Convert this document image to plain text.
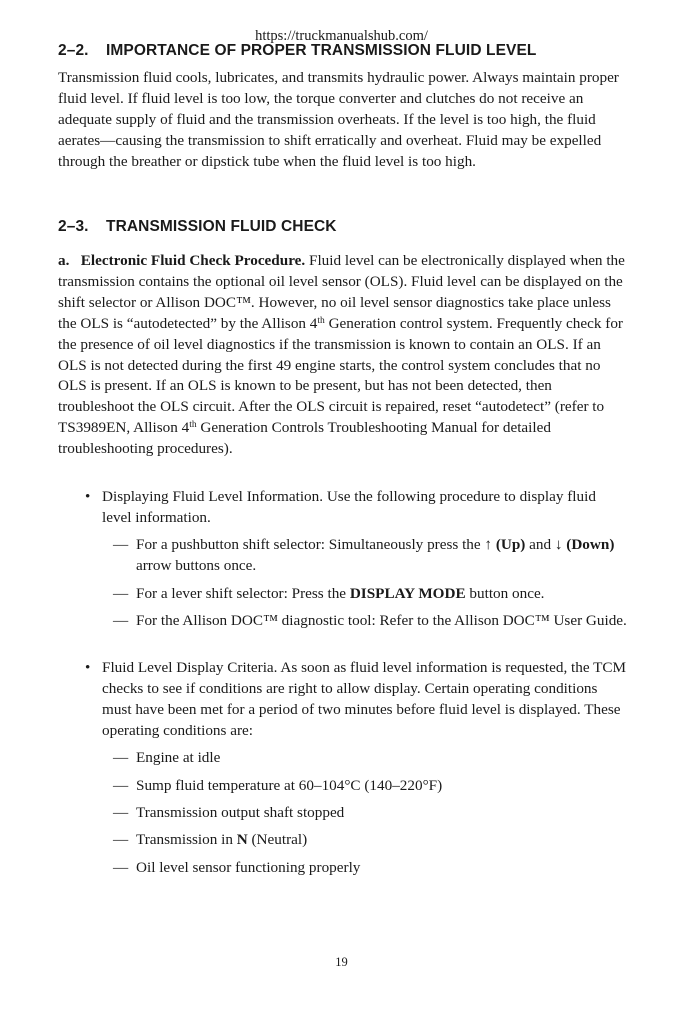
https://truckmanualshub.com/
2–2. IMPORTANCE OF PROPER TRANSMISSION FLUID LEVEL

Transmission fluid cools, lubricates, and transmits hydraulic power. Always maintain proper fluid level. If fluid level is too low, the torque converter and clutches do not receive an adequate supply of fluid and the transmission overheats. If the level is too high, the fluid aerates—causing the transmission to shift erratically and overheat. Fluid may be expelled through the breather or dipstick tube when the fluid level is too high.

2–3. TRANSMISSION FLUID CHECK

a. Electronic Fluid Check Procedure. Fluid level can be electronically displayed when the transmission contains the optional oil level sensor (OLS). Fluid level can be displayed on the shift selector or Allison DOC™. However, no oil level sensor diagnostics take place unless the OLS is “autodetected” by the Allison 4th Generation control system. Frequently check for the presence of oil level diagnostics if the transmission is known to contain an OLS. If an OLS is not detected during the first 49 engine starts, the control system concludes that no OLS is present. If an OLS is known to be present, but has not been detected, then troubleshoot the OLS circuit. After the OLS circuit is repaired, reset “autodetect” (refer to TS3989EN, Allison 4th Generation Controls Troubleshooting Manual for detailed troubleshooting procedures).

• Displaying Fluid Level Information. Use the following procedure to display fluid level information.
— For a pushbutton shift selector: Simultaneously press the ↑ (Up) and ↓ (Down) arrow buttons once.
— For a lever shift selector: Press the DISPLAY MODE button once.
— For the Allison DOC™ diagnostic tool: Refer to the Allison DOC™ User Guide.
• Fluid Level Display Criteria. As soon as fluid level information is requested, the TCM checks to see if conditions are right to allow display. Certain operating conditions must have been met for a period of two minutes before fluid level is displayed. These operating conditions are:
— Engine at idle
— Sump fluid temperature at 60–104°C (140–220°F)
— Transmission output shaft stopped
— Transmission in N (Neutral)
— Oil level sensor functioning properly
19
